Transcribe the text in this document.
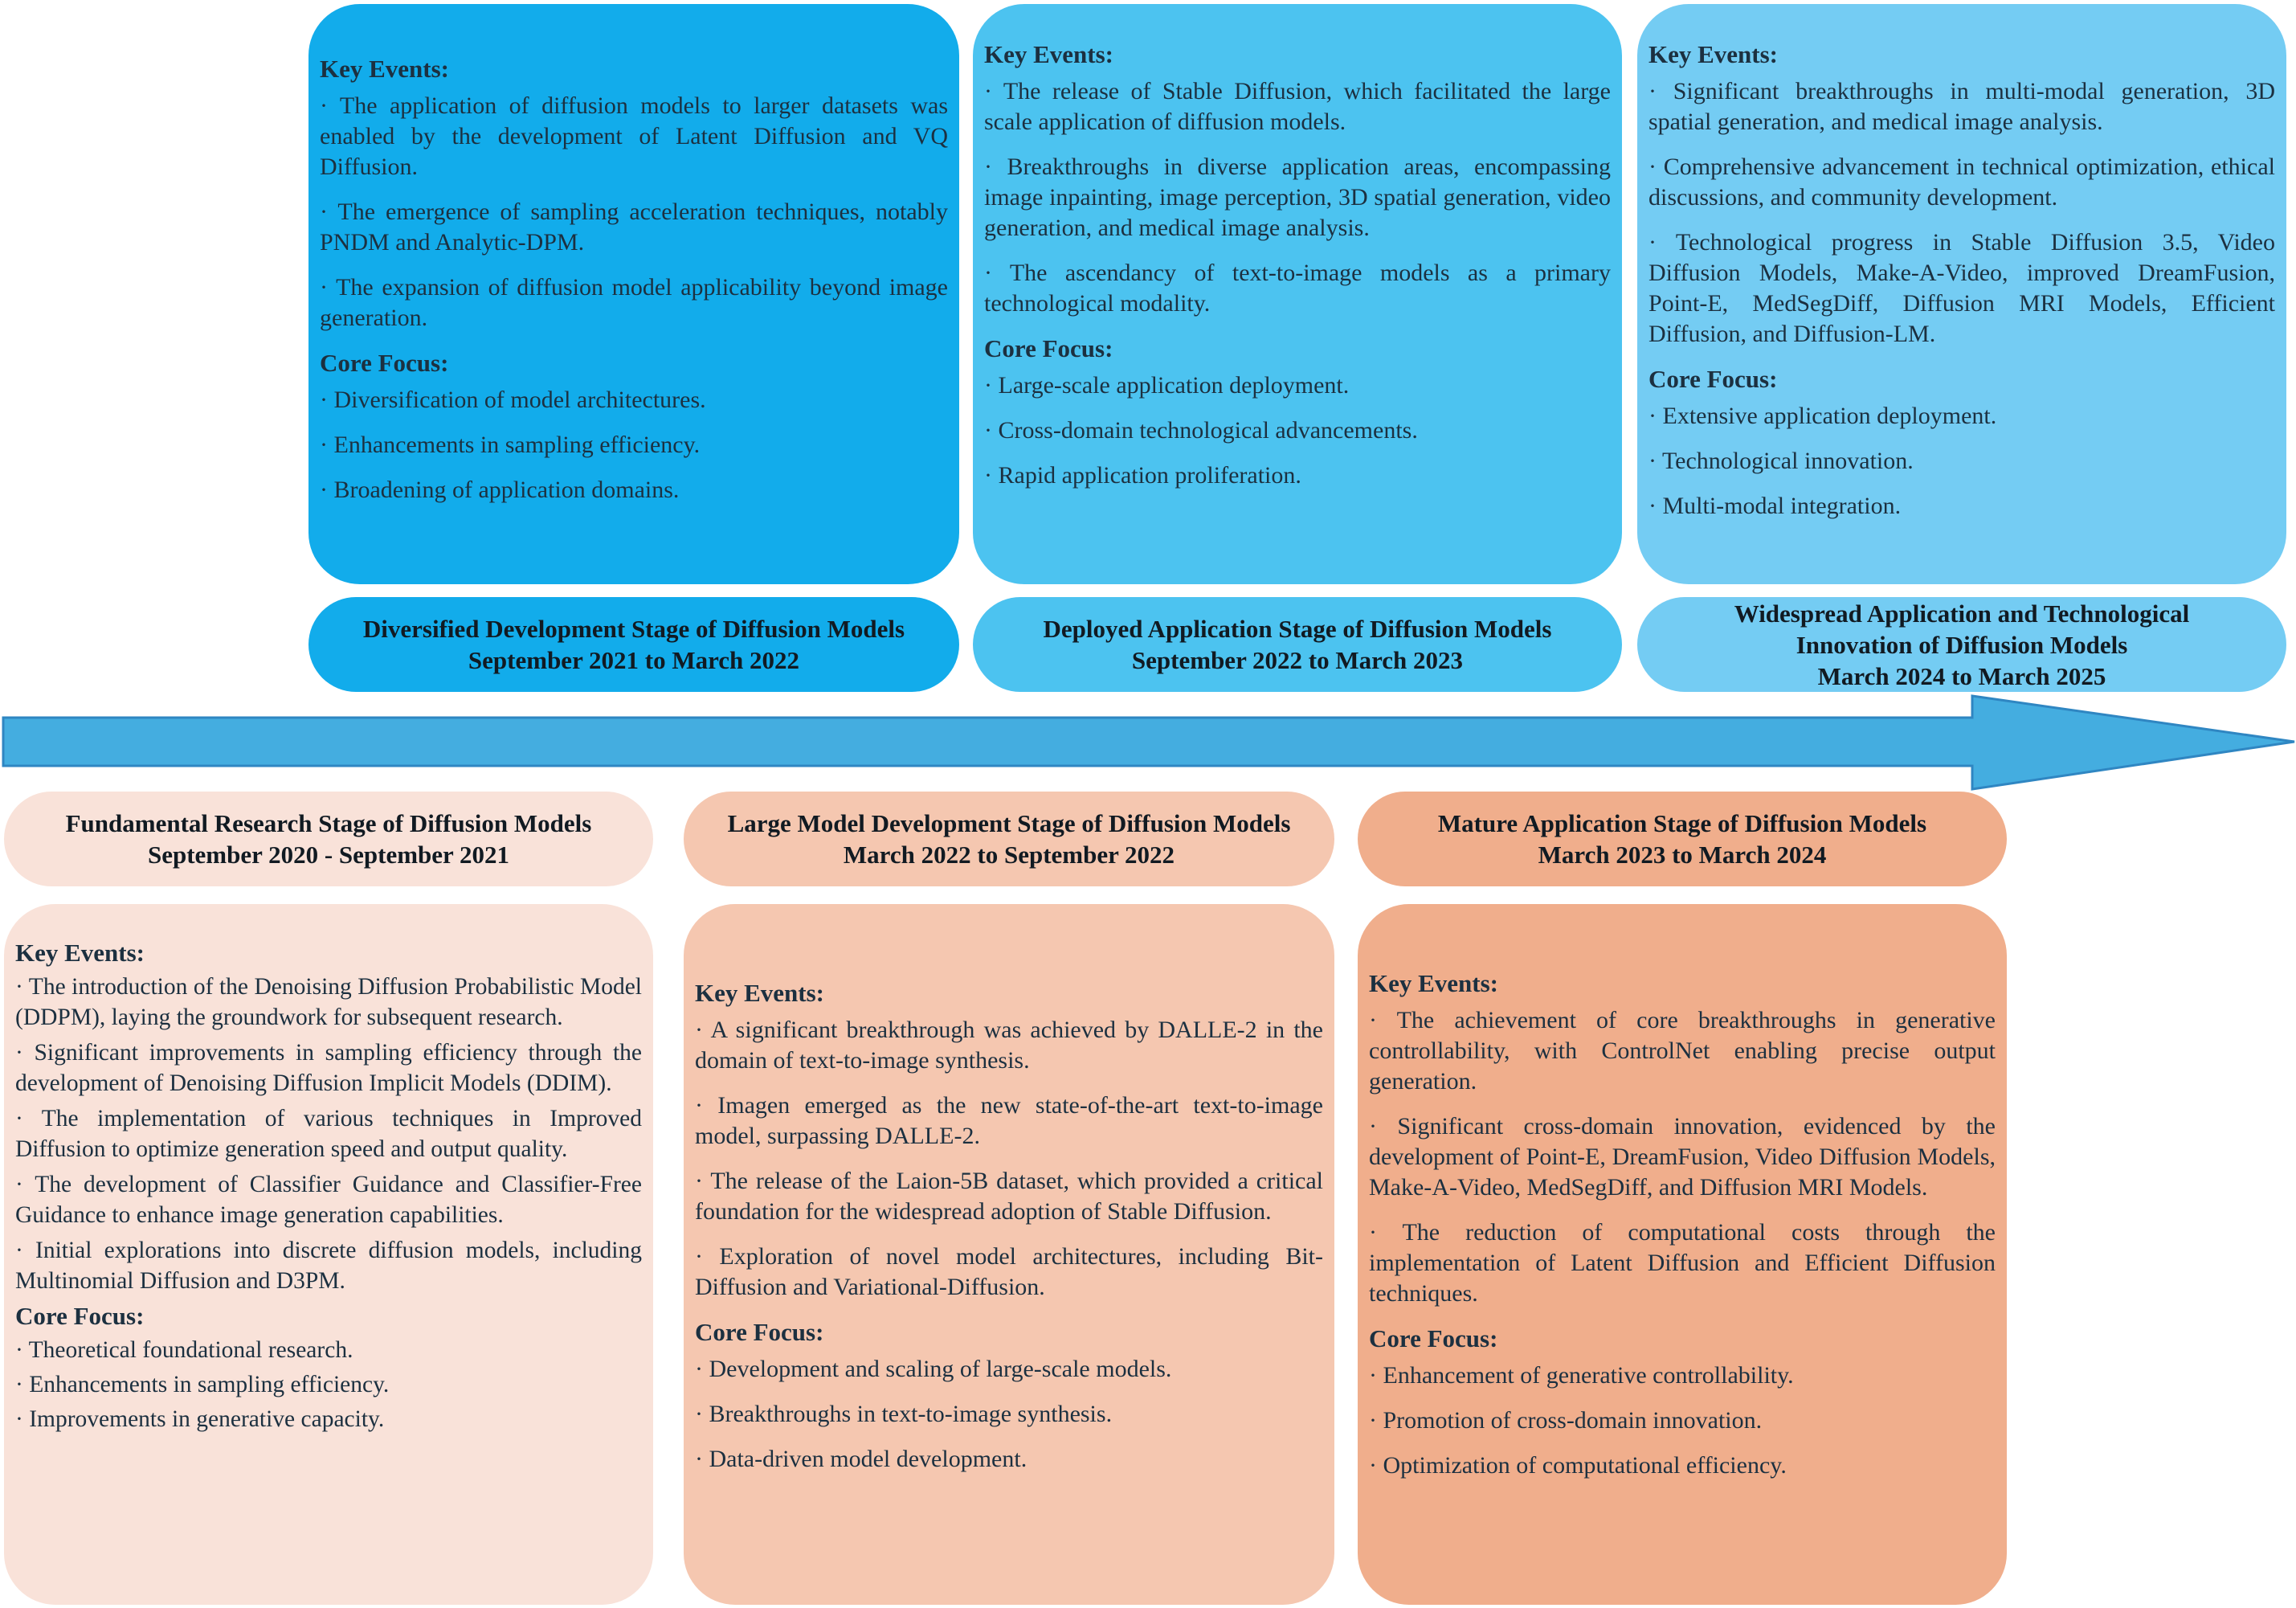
Key Events:
· The application of diffusion models to larger datasets was enabled by the development of Latent Diffusion and VQ Diffusion.
· The emergence of sampling acceleration techniques, notably PNDM and Analytic-DPM.
· The expansion of diffusion model applicability beyond image generation.
Core Focus:
· Diversification of model architectures.
· Enhancements in sampling efficiency.
· Broadening of application domains.
Key Events:
· The release of Stable Diffusion, which facilitated the large scale application of diffusion models.
· Breakthroughs in diverse application areas, encompassing image inpainting, image perception, 3D spatial generation, video generation, and medical image analysis.
· The ascendancy of text-to-image models as a primary technological modality.
Core Focus:
· Large-scale application deployment.
· Cross-domain technological advancements.
· Rapid application proliferation.
Key Events:
· Significant breakthroughs in multi-modal generation, 3D spatial generation, and medical image analysis.
· Comprehensive advancement in technical optimization, ethical discussions, and community development.
· Technological progress in Stable Diffusion 3.5, Video Diffusion Models, Make-A-Video, improved DreamFusion, Point-E, MedSegDiff, Diffusion MRI Models, Efficient Diffusion, and Diffusion-LM.
Core Focus:
· Extensive application deployment.
· Technological innovation.
· Multi-modal integration.
Diversified Development Stage of Diffusion Models
September 2021 to March 2022
Deployed Application Stage of Diffusion Models
September 2022 to March 2023
Widespread Application and Technological
Innovation of Diffusion Models
March 2024 to March 2025
Fundamental Research Stage of Diffusion Models
September 2020 - September 2021
Large Model Development Stage of Diffusion Models
March 2022 to September 2022
Mature Application Stage of Diffusion Models
March 2023 to March 2024
Key Events:
· The introduction of the Denoising Diffusion Probabilistic Model (DDPM), laying the groundwork for subsequent research.
· Significant improvements in sampling efficiency through the development of Denoising Diffusion Implicit Models (DDIM).
· The implementation of various techniques in Improved Diffusion to optimize generation speed and output quality.
· The development of Classifier Guidance and Classifier-Free Guidance to enhance image generation capabilities.
· Initial explorations into discrete diffusion models, including Multinomial Diffusion and D3PM.
Core Focus:
· Theoretical foundational research.
· Enhancements in sampling efficiency.
· Improvements in generative capacity.
Key Events:
· A significant breakthrough was achieved by DALLE-2 in the domain of text-to-image synthesis.
· Imagen emerged as the new state-of-the-art text-to-image model, surpassing DALLE-2.
· The release of the Laion-5B dataset, which provided a critical foundation for the widespread adoption of Stable Diffusion.
· Exploration of novel model architectures, including Bit-Diffusion and Variational-Diffusion.
Core Focus:
· Development and scaling of large-scale models.
· Breakthroughs in text-to-image synthesis.
· Data-driven model development.
Key Events:
· The achievement of core breakthroughs in generative controllability, with ControlNet enabling precise output generation.
· Significant cross-domain innovation, evidenced by the development of Point-E, DreamFusion, Video Diffusion Models, Make-A-Video, MedSegDiff, and Diffusion MRI Models.
· The reduction of computational costs through the implementation of Latent Diffusion and Efficient Diffusion techniques.
Core Focus:
· Enhancement of generative controllability.
· Promotion of cross-domain innovation.
· Optimization of computational efficiency.
